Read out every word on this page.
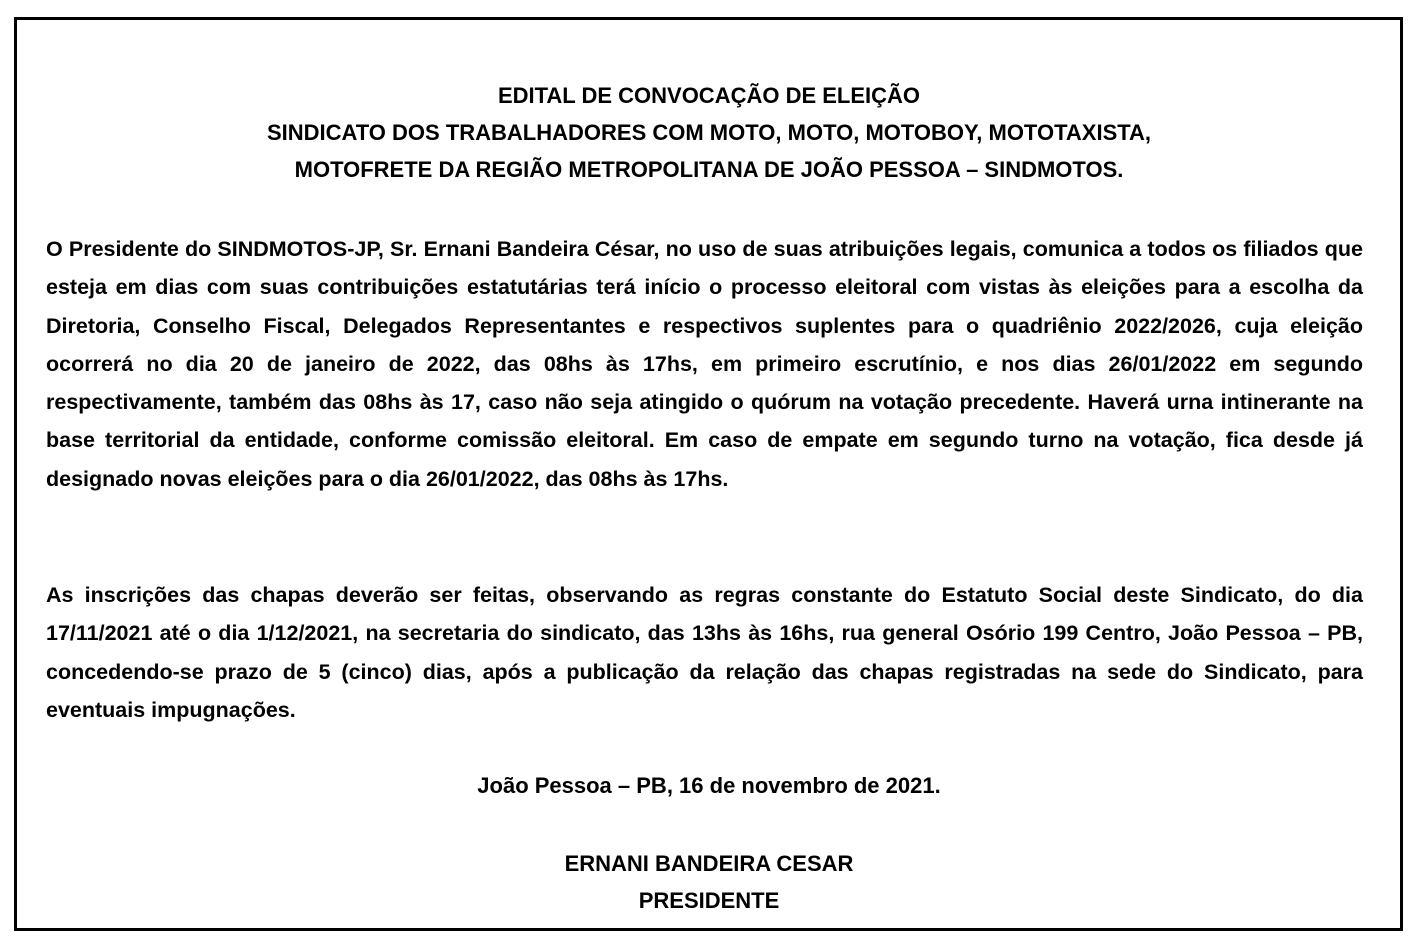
EDITAL DE CONVOCAÇÃO DE ELEIÇÃO
SINDICATO DOS TRABALHADORES COM MOTO, MOTO, MOTOBOY, MOTOTAXISTA,
MOTOFRETE DA REGIÃO METROPOLITANA DE JOÃO PESSOA – SINDMOTOS.
O Presidente do SINDMOTOS-JP, Sr. Ernani Bandeira César, no uso de suas atribuições legais, comunica a todos os filiados que esteja em dias com suas contribuições estatutárias terá início o processo eleitoral com vistas às eleições para a escolha da Diretoria, Conselho Fiscal, Delegados Representantes e respectivos suplentes para o quadriênio 2022/2026, cuja eleição ocorrerá no dia 20 de janeiro de 2022, das 08hs às 17hs, em primeiro escrutínio, e nos dias 26/01/2022 em segundo respectivamente, também das 08hs às 17, caso não seja atingido o quórum na votação precedente. Haverá urna intinerante na base territorial da entidade, conforme comissão eleitoral. Em caso de empate em segundo turno na votação, fica desde já designado novas eleições para o dia 26/01/2022, das 08hs às 17hs.
As inscrições das chapas deverão ser feitas, observando as regras constante do Estatuto Social deste Sindicato, do dia 17/11/2021 até o dia 1/12/2021, na secretaria do sindicato, das 13hs às 16hs, rua general Osório 199 Centro, João Pessoa – PB, concedendo-se prazo de 5 (cinco) dias, após a publicação da relação das chapas registradas na sede do Sindicato, para eventuais impugnações.
João Pessoa – PB, 16 de novembro de 2021.
ERNANI BANDEIRA CESAR
PRESIDENTE
